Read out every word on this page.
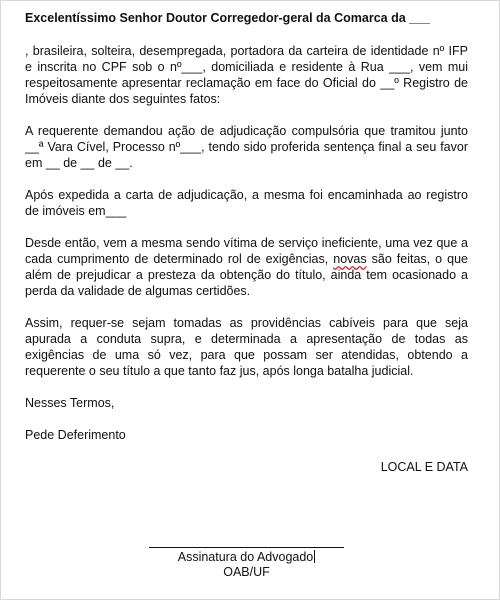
Excelentíssimo Senhor Doutor Corregedor-geral da Comarca da ___

, brasileira, solteira, desempregada, portadora da carteira de identidade nº IFP e inscrita no CPF sob o nº___, domiciliada e residente à Rua ___, vem mui respeitosamente apresentar reclamação em face do Oficial do __º Registro de Imóveis diante dos seguintes fatos:

A requerente demandou ação de adjudicação compulsória que tramitou junto __ª Vara Cível, Processo nº___, tendo sido proferida sentença final a seu favor em __ de __ de __.

Após expedida a carta de adjudicação, a mesma foi encaminhada ao registro de imóveis em___

Desde então, vem a mesma sendo vítima de serviço ineficiente, uma vez que a cada cumprimento de determinado rol de exigências, novas são feitas, o que além de prejudicar a presteza da obtenção do título, ainda tem ocasionado a perda da validade de algumas certidões.

Assim, requer-se sejam tomadas as providências cabíveis para que seja apurada a conduta supra, e determinada a apresentação de todas as exigências de uma só vez, para que possam ser atendidas, obtendo a requerente o seu título a que tanto faz jus, após longa batalha judicial.

Nesses Termos,

Pede Deferimento

LOCAL E DATA
Assinatura do Advogado
OAB/UF
